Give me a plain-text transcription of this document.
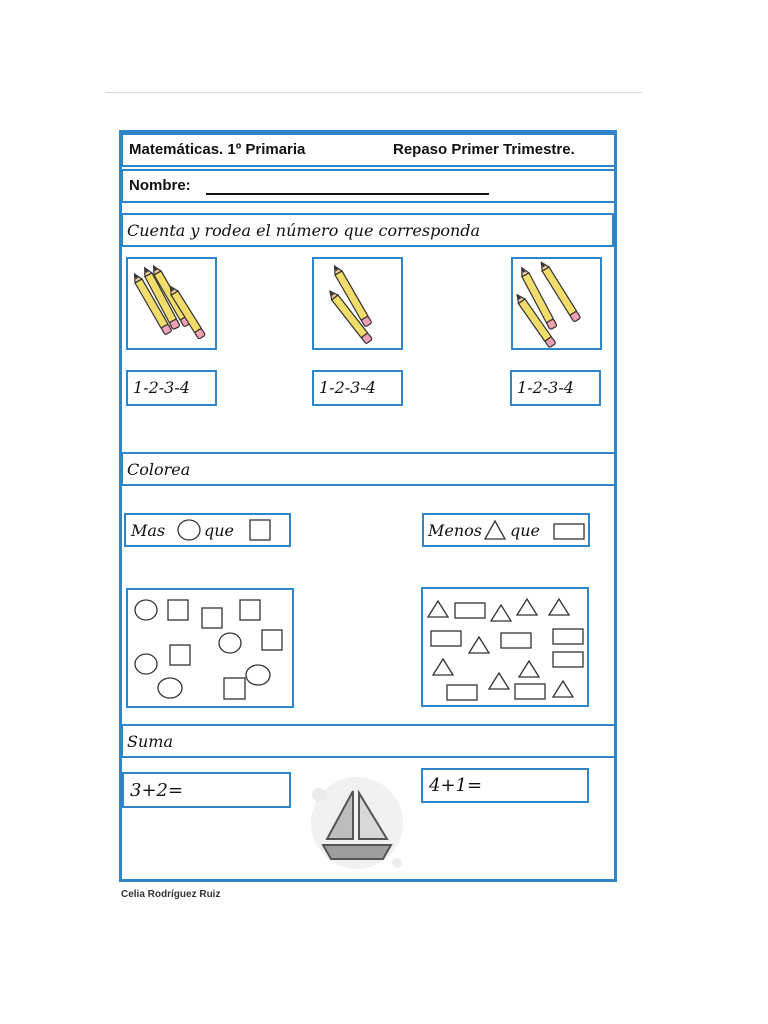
Matemáticas. 1º Primaria	Repaso Primer Trimestre.
Nombre:
Cuenta y rodea el número que corresponda
1-2-3-4	1-2-3-4	1-2-3-4
Colorea
Mas que	Menos que
Suma
3+2=	4+1=
Celia Rodríguez Ruiz
